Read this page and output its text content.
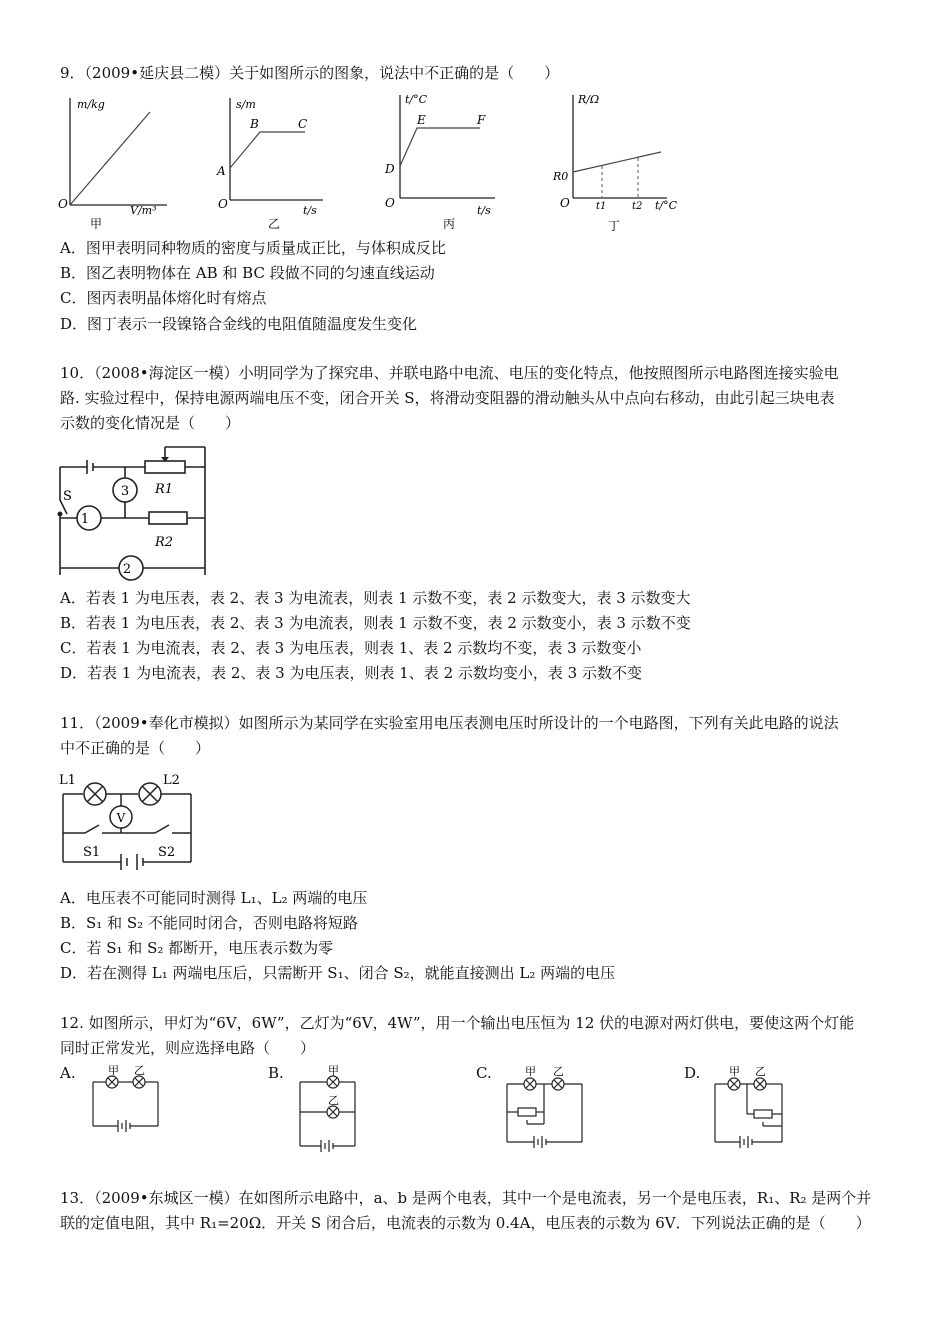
9．（2009•延庆县二模）关于如图所示的图象，说法中不正确的是（　　）
m/kg
O	V/m³
甲
s/m
A
B	C
O	t/s
乙
t/°C
D
E	F
O
t/s
丙
R/Ω
R0
O	t1	t2 t/°C
丁
A．图甲表明同种物质的密度与质量成正比，与体积成反比
B．图乙表明物体在 AB 和 BC 段做不同的匀速直线运动
C．图丙表明晶体熔化时有熔点
D．图丁表示一段镍铬合金线的电阻值随温度发生变化
10．（2008•海淀区一模）小明同学为了探究串、并联电路中电流、电压的变化特点，他按照图所示电路图连接实验电
路. 实验过程中，保持电源两端电压不变，闭合开关 S，将滑动变阻器的滑动触头从中点向右移动，由此引起三块电表
示数的变化情况是（　　）
1
2
3
S	R1
R2
A．若表 1 为电压表，表 2、表 3 为电流表，则表 1 示数不变，表 2 示数变大，表 3 示数变大
B．若表 1 为电压表，表 2、表 3 为电流表，则表 1 示数不变，表 2 示数变小，表 3 示数不变
C．若表 1 为电流表，表 2、表 3 为电压表，则表 1、表 2 示数均不变，表 3 示数变小
D．若表 1 为电流表，表 2、表 3 为电压表，则表 1、表 2 示数均变小，表 3 示数不变
11．（2009•奉化市模拟）如图所示为某同学在实验室用电压表测电压时所设计的一个电路图，下列有关此电路的说法
中不正确的是（　　）
L1	L2
V
S1	S2
A．电压表不可能同时测得 L₁、L₂ 两端的电压
B．S₁ 和 S₂ 不能同时闭合，否则电路将短路
C．若 S₁ 和 S₂ 都断开，电压表示数为零
D．若在测得 L₁ 两端电压后，只需断开 S₁、闭合 S₂，就能直接测出 L₂ 两端的电压
12. 如图所示，甲灯为“6V，6W”，乙灯为“6V，4W”，用一个输出电压恒为 12 伏的电源对两灯供电，要使这两个灯能
同时正常发光，则应选择电路（　　）
A.	甲 乙	B.	甲
乙
C.	甲 乙	D.	甲 乙
13．（2009•东城区一模）在如图所示电路中，a、b 是两个电表，其中一个是电流表，另一个是电压表，R₁、R₂ 是两个并
联的定值电阻，其中 R₁=20Ω．开关 S 闭合后，电流表的示数为 0.4A，电压表的示数为 6V．下列说法正确的是（　　）
